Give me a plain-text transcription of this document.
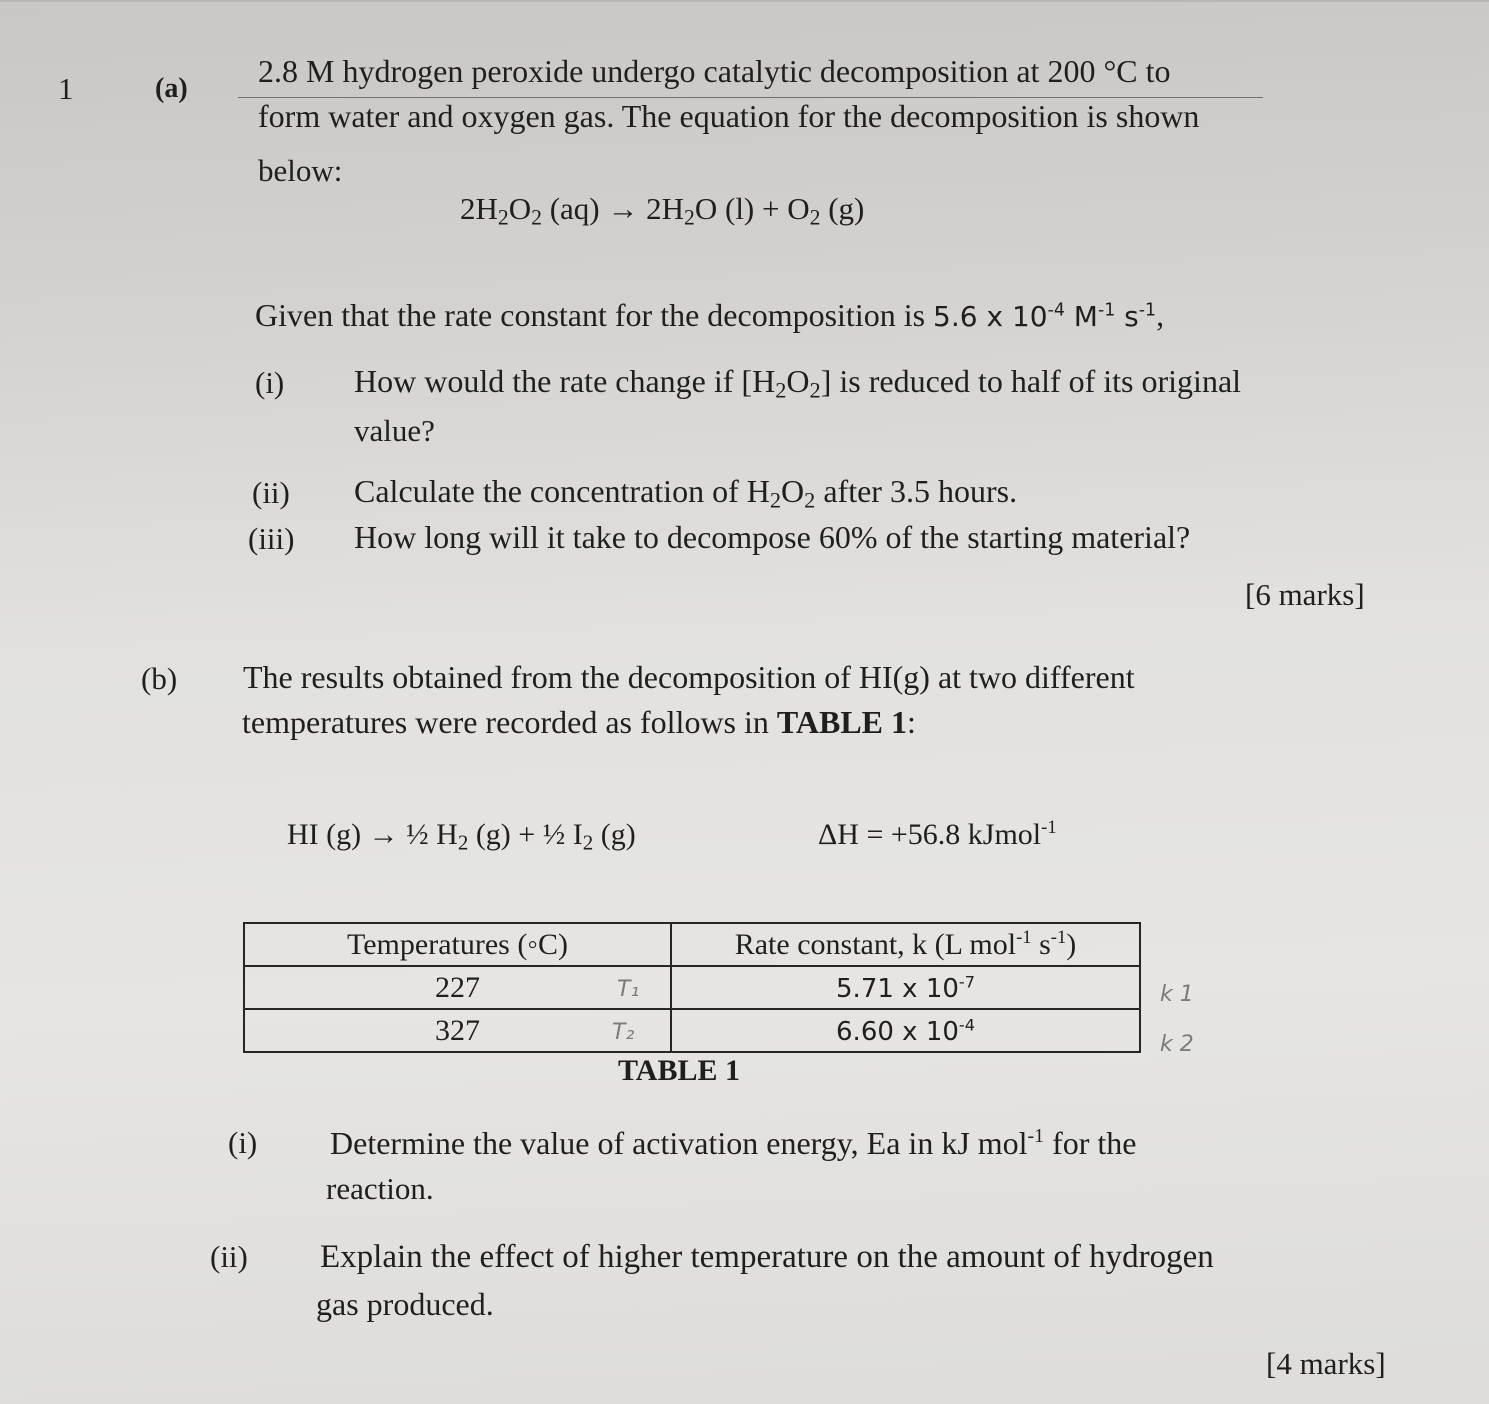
1	(a) 2.8 M hydrogen peroxide undergo catalytic decomposition at 200 °C to
form water and oxygen gas. The equation for the decomposition is shown
below:
$2H_2O_2$ $(aq) \to 2H_2O$ $(l) + O_2$ (g)
Given that the rate constant for the decomposition is 5.6 x $10^{-4}$ $M^{-1}$ $s^{-1}$,
(i) How would the rate change if $[H_2O_2]$ is reduced to half of its original
value?
(ii) Calculate the concentration of $H_2O_2$ after 3.5 hours.
(iii) How long will it take to decompose 60% of the starting material?
[6 marks]
(b) The results obtained from the decomposition of HI(g) at two different
temperatures were recorded as follows in TABLE 1:
HI (g) → ½ $H_2$ (g) + ½ $I_2$ (g)	ΔH = +56.8 kJmol$^{-1}$
Temperatures (◦C)	Rate constant, k (L mol$^{-1}$ $s^{-1}$)
227	5.71 x $10^{-7}$
327	6.60 x $10^{-4}$
T₁
T₂
k 1
k 2
TABLE 1
(i) Determine the value of activation energy, Ea in kJ mol$^{-1}$ for the
reaction.
(ii) Explain the effect of higher temperature on the amount of hydrogen
gas produced.
[4 marks]
